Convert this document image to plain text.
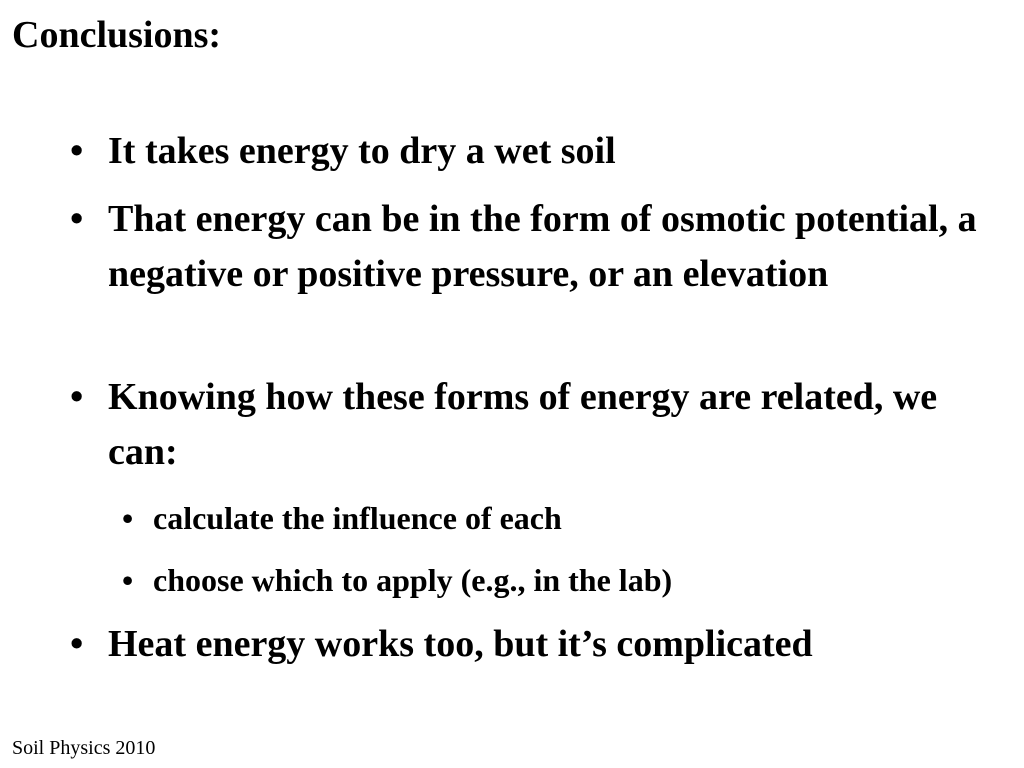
Conclusions:
• It takes energy to dry a wet soil
• That energy can be in the form of osmotic potential, a negative or positive pressure, or an elevation
• Knowing how these forms of energy are related, we can:
• calculate the influence of each
• choose which to apply (e.g., in the lab)
• Heat energy works too, but it’s complicated
Soil Physics 2010
